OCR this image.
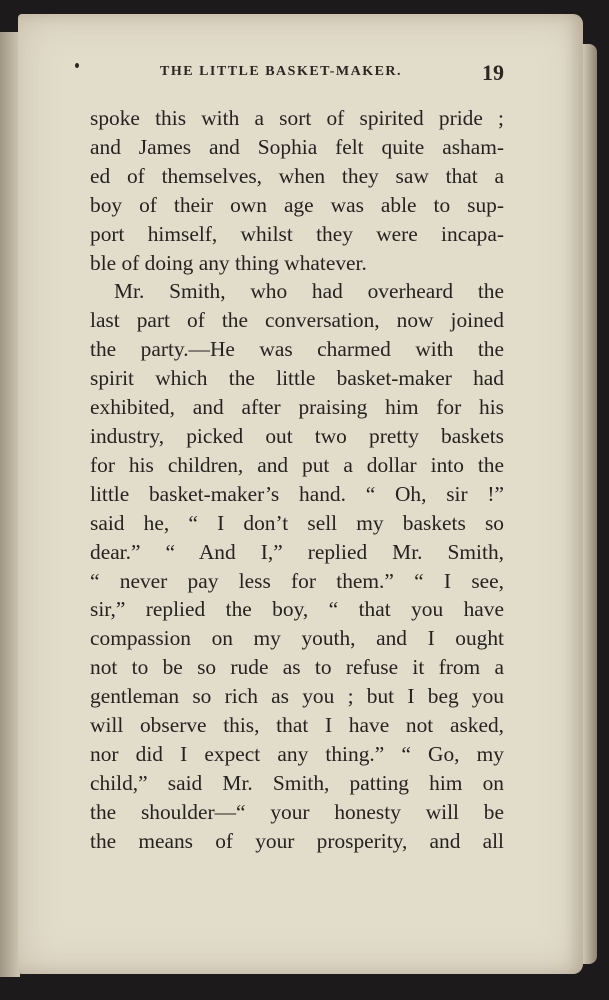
THE LITTLE BASKET-MAKER.	19
spoke this with a sort of spirited pride ;
and James and Sophia felt quite asham-
ed of themselves, when they saw that a
boy of their own age was able to sup-
port himself, whilst they were incapa-
ble of doing any thing whatever.
Mr. Smith, who had overheard the
last part of the conversation, now joined
the party.—He was charmed with the
spirit which the little basket-maker had
exhibited, and after praising him for his
industry, picked out two pretty baskets
for his children, and put a dollar into the
little basket-maker’s hand. “ Oh, sir !”
said he, “ I don’t sell my baskets so
dear.” “ And I,” replied Mr. Smith,
“ never pay less for them.” “ I see,
sir,” replied the boy, “ that you have
compassion on my youth, and I ought
not to be so rude as to refuse it from a
gentleman so rich as you ; but I beg you
will observe this, that I have not asked,
nor did I expect any thing.” “ Go, my
child,” said Mr. Smith, patting him on
the shoulder—“ your honesty will be
the means of your prosperity, and all
